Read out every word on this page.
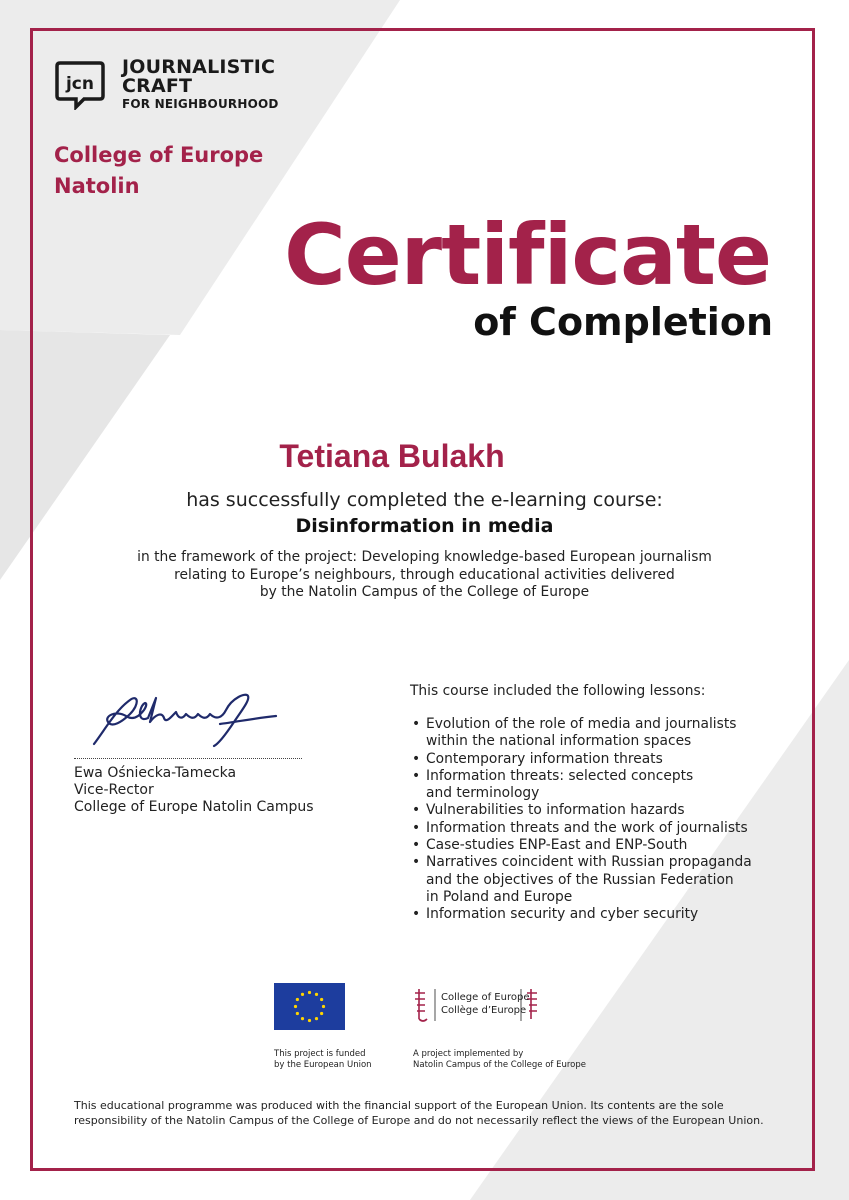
jcn
JOURNALISTIC
CRAFT
FOR NEIGHBOURHOOD
College of Europe
Natolin
Certificate
of Completion
Tetiana Bulakh
has successfully completed the e-learning course:
Disinformation in media
in the framework of the project: Developing knowledge-based European journalism
relating to Europe’s neighbours, through educational activities delivered
by the Natolin Campus of the College of Europe
Ewa Ośniecka-Tamecka
Vice-Rector
College of Europe Natolin Campus
This course included the following lessons:
• Evolution of the role of media and journalists
within the national information spaces
• Contemporary information threats
• Information threats: selected concepts
and terminology
• Vulnerabilities to information hazards
• Information threats and the work of journalists
• Case-studies ENP-East and ENP-South
• Narratives coincident with Russian propaganda
and the objectives of the Russian Federation
in Poland and Europe
• Information security and cyber security
This project is funded
by the European Union
College of Europe
Collège d’Europe
A project implemented by
Natolin Campus of the College of Europe
This educational programme was produced with the financial support of the European Union. Its contents are the sole
responsibility of the Natolin Campus of the College of Europe and do not necessarily reflect the views of the European Union.
